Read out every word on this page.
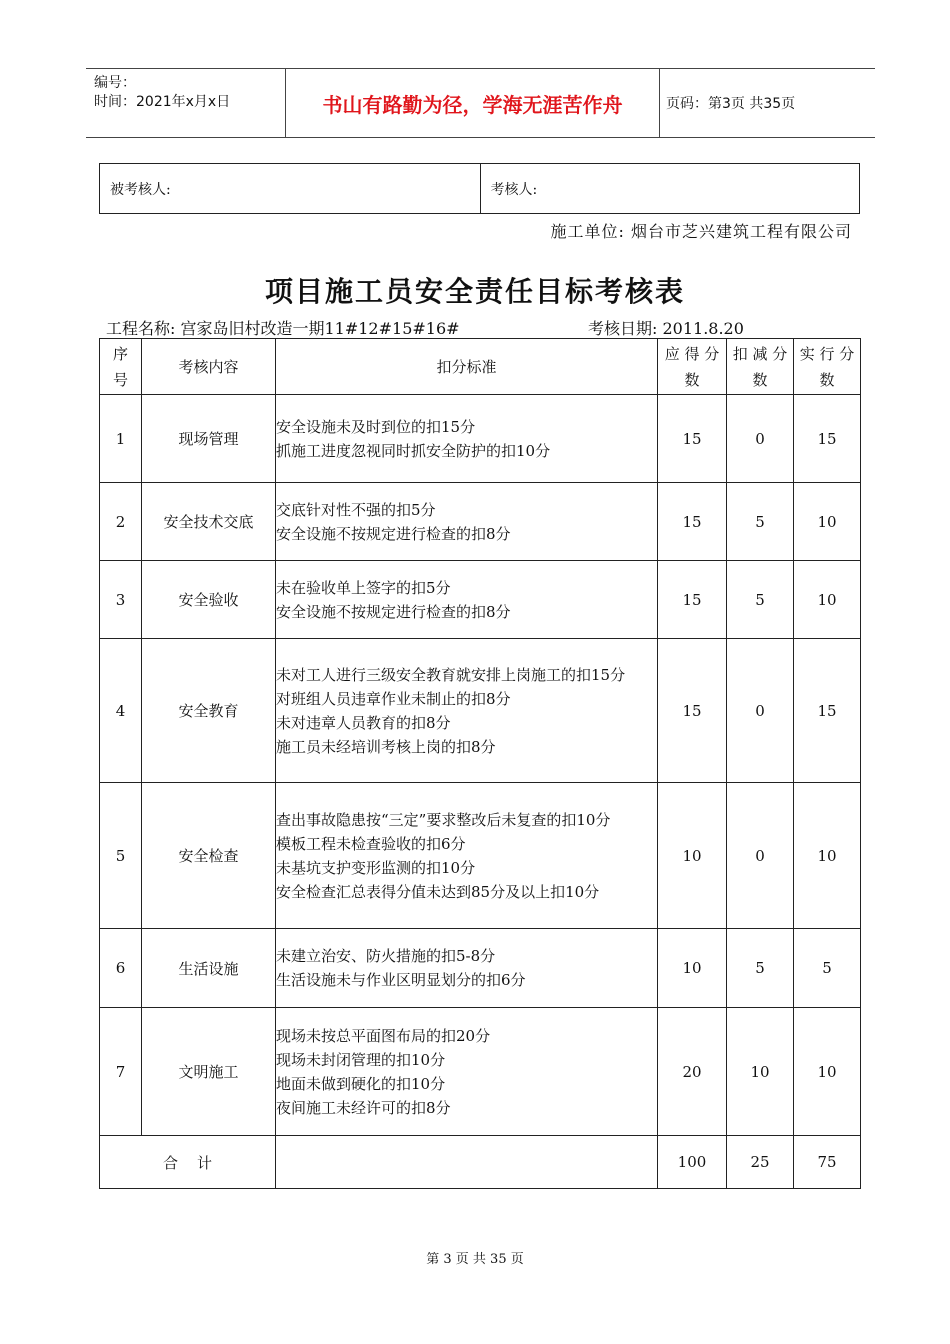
编号：
时间：2021年x月x日	书山有路勤为径，学海无涯苦作舟	页码：第3页 共35页
被考核人:	考核人:
施工单位: 烟台市芝兴建筑工程有限公司
项目施工员安全责任目标考核表
工程名称: 宫家岛旧村改造一期11#12#15#16#	考核日期: 2011.8.20
序号	考核内容	扣分标准	应 得 分 数	扣 减 分 数	实 行 分 数

1	现场管理	安全设施未及时到位的扣15分
抓施工进度忽视同时抓安全防护的扣10分	15	0	15
2	安全技术交底	交底针对性不强的扣5分
安全设施不按规定进行检查的扣8分	15	5	10
3	安全验收	未在验收单上签字的扣5分
安全设施不按规定进行检查的扣8分	15	5	10
4	安全教育	未对工人进行三级安全教育就安排上岗施工的扣15分
对班组人员违章作业未制止的扣8分
未对违章人员教育的扣8分
施工员未经培训考核上岗的扣8分	15	0	15
5	安全检查	查出事故隐患按“三定”要求整改后未复查的扣10分
模板工程未检查验收的扣6分
未基坑支护变形监测的扣10分
安全检查汇总表得分值未达到85分及以上扣10分	10	0	10
6	生活设施	未建立治安、防火措施的扣5-8分
生活设施未与作业区明显划分的扣6分	10	5	5
7	文明施工	现场未按总平面图布局的扣20分
现场未封闭管理的扣10分
地面未做到硬化的扣10分
夜间施工未经许可的扣8分	20	10	10
合    计			100	25	75
第 3 页 共 35 页
